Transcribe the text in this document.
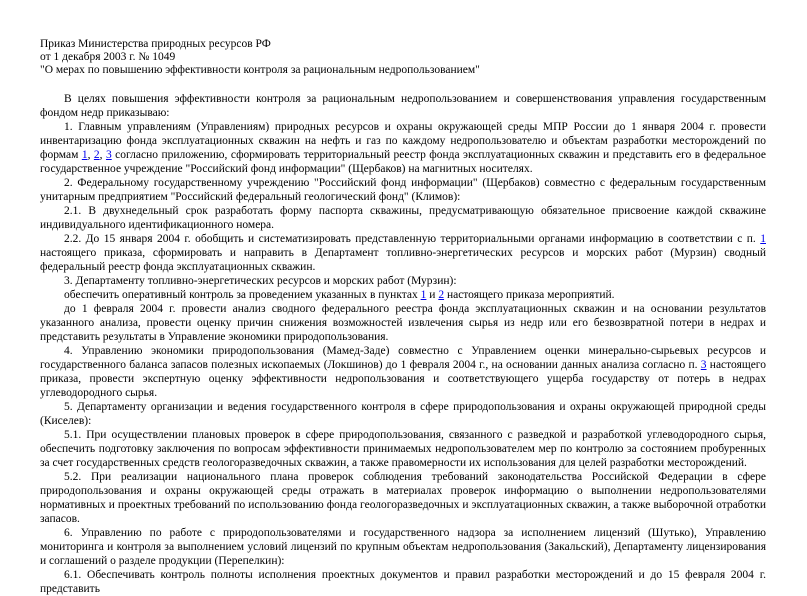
Приказ Министерства природных ресурсов РФ
от 1 декабря 2003 г. № 1049
"О мерах по повышению эффективности контроля за рациональным недропользованием"

В целях повышения эффективности контроля за рациональным недропользованием и совершенствования управления государственным фондом недр приказываю:

1. Главным управлениям (Управлениям) природных ресурсов и охраны окружающей среды МПР России до 1 января 2004 г. провести инвентаризацию фонда эксплуатационных скважин на нефть и газ по каждому недропользователю и объектам разработки месторождений по формам 1, 2, 3 согласно приложению, сформировать территориальный реестр фонда эксплуатационных скважин и представить его в федеральное государственное учреждение "Российский фонд информации" (Щербаков) на магнитных носителях.

2. Федеральному государственному учреждению "Российский фонд информации" (Щербаков) совместно с федеральным государственным унитарным предприятием "Российский федеральный геологический фонд" (Климов):

2.1. В двухнедельный срок разработать форму паспорта скважины, предусматривающую обязательное присвоение каждой скважине индивидуального идентификационного номера.

2.2. До 15 января 2004 г. обобщить и систематизировать представленную территориальными органами информацию в соответствии с п. 1 настоящего приказа, сформировать и направить в Департамент топливно-энергетических ресурсов и морских работ (Мурзин) сводный федеральный реестр фонда эксплуатационных скважин.

3. Департаменту топливно-энергетических ресурсов и морских работ (Мурзин):

обеспечить оперативный контроль за проведением указанных в пунктах 1 и 2 настоящего приказа мероприятий.

до 1 февраля 2004 г. провести анализ сводного федерального реестра фонда эксплуатационных скважин и на основании результатов указанного анализа, провести оценку причин снижения возможностей извлечения сырья из недр или его безвозвратной потери в недрах и представить результаты в Управление экономики природопользования.

4. Управлению экономики природопользования (Мамед-Заде) совместно с Управлением оценки минерально-сырьевых ресурсов и государственного баланса запасов полезных ископаемых (Локшинов) до 1 февраля 2004 г., на основании данных анализа согласно п. 3 настоящего приказа, провести экспертную оценку эффективности недропользования и соответствующего ущерба государству от потерь в недрах углеводородного сырья.

5. Департаменту организации и ведения государственного контроля в сфере природопользования и охраны окружающей природной среды (Киселев):

5.1. При осуществлении плановых проверок в сфере природопользования, связанного с разведкой и разработкой углеводородного сырья, обеспечить подготовку заключения по вопросам эффективности принимаемых недропользователем мер по контролю за состоянием пробуренных за счет государственных средств геологоразведочных скважин, а также правомерности их использования для целей разработки месторождений.

5.2. При реализации национального плана проверок соблюдения требований законодательства Российской Федерации в сфере природопользования и охраны окружающей среды отражать в материалах проверок информацию о выполнении недропользователями нормативных и проектных требований по использованию фонда геологоразведочных и эксплуатационных скважин, а также выборочной отработки запасов.

6. Управлению по работе с природопользователями и государственного надзора за исполнением лицензий (Шутько), Управлению мониторинга и контроля за выполнением условий лицензий по крупным объектам недропользования (Закальский), Департаменту лицензирования и соглашений о разделе продукции (Перепелкин):

6.1. Обеспечивать контроль полноты исполнения проектных документов и правил разработки месторождений и до 15 февраля 2004 г. представить
